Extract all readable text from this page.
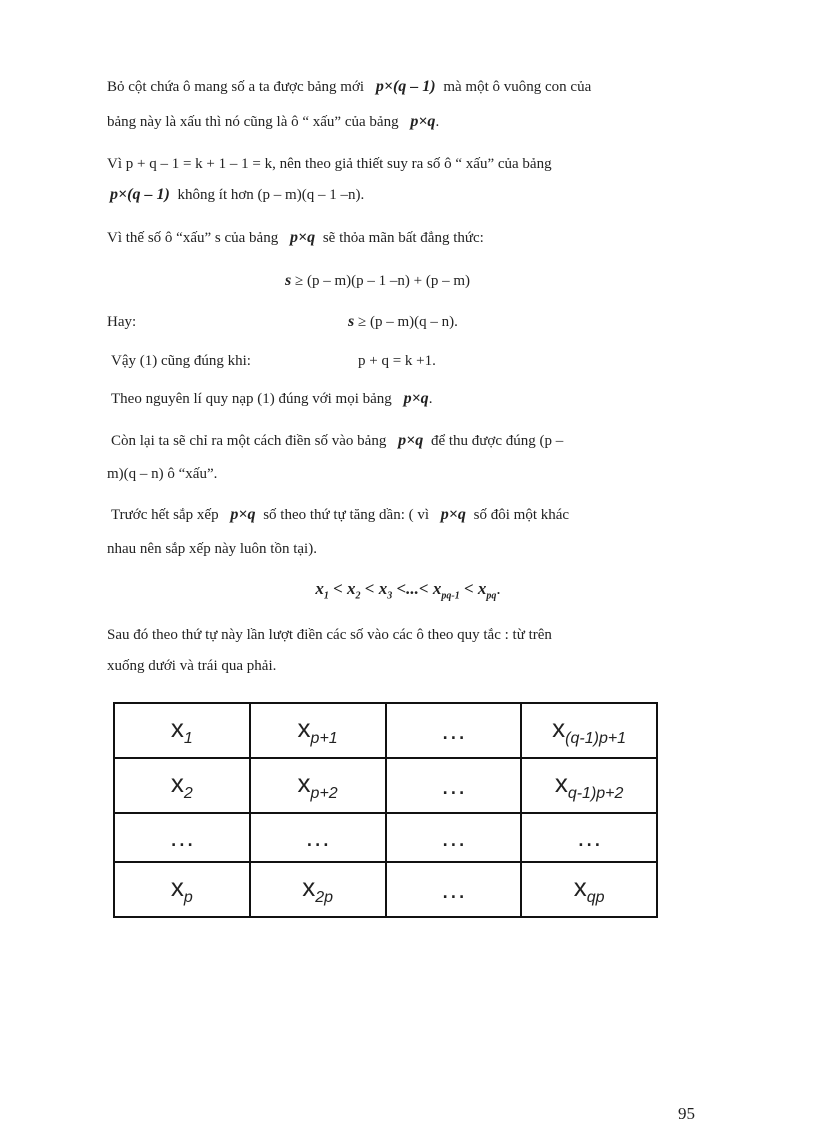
Bỏ cột chứa ô mang số a ta được bảng mới p×(q – 1) mà một ô vuông con của
bảng này là xấu thì nó cũng là ô “ xấu” của bảng p×q.
Vì p + q – 1 = k + 1 – 1 = k, nên theo giả thiết suy ra số ô “ xấu” của bảng
p×(q – 1) không ít hơn (p – m)(q – 1 –n).
Vì thế số ô “xấu” s của bảng p×q sẽ thỏa mãn bất đẳng thức:
s ≥ (p – m)(p – 1 –n) + (p – m)
Hay:	s ≥ (p – m)(q – n).
Vậy (1) cũng đúng khi:	p + q = k +1.
Theo nguyên lí quy nạp (1) đúng với mọi bảng p×q.
Còn lại ta sẽ chỉ ra một cách điền số vào bảng p×q để thu được đúng (p –
m)(q – n) ô “xấu”.
Trước hết sắp xếp p×q số theo thứ tự tăng dần: ( vì p×q số đôi một khác
nhau nên sắp xếp này luôn tồn tại).
$x_1 < x_2 < x_3$ <...< $x_{pq-1} < x_{pq}$.
Sau đó theo thứ tự này lần lượt điền các số vào các ô theo quy tắc : từ trên
xuống dưới và trái qua phải.
$x_1$	$x_{p+1}$	…	$x_{(q-1)p+1}$
$x_2$	$x_{p+2}$	…	$x_{q-1)p+2}$
…	…	…	…
$x_p$	$x_{2p}$	…	$x_{qp}$
95
